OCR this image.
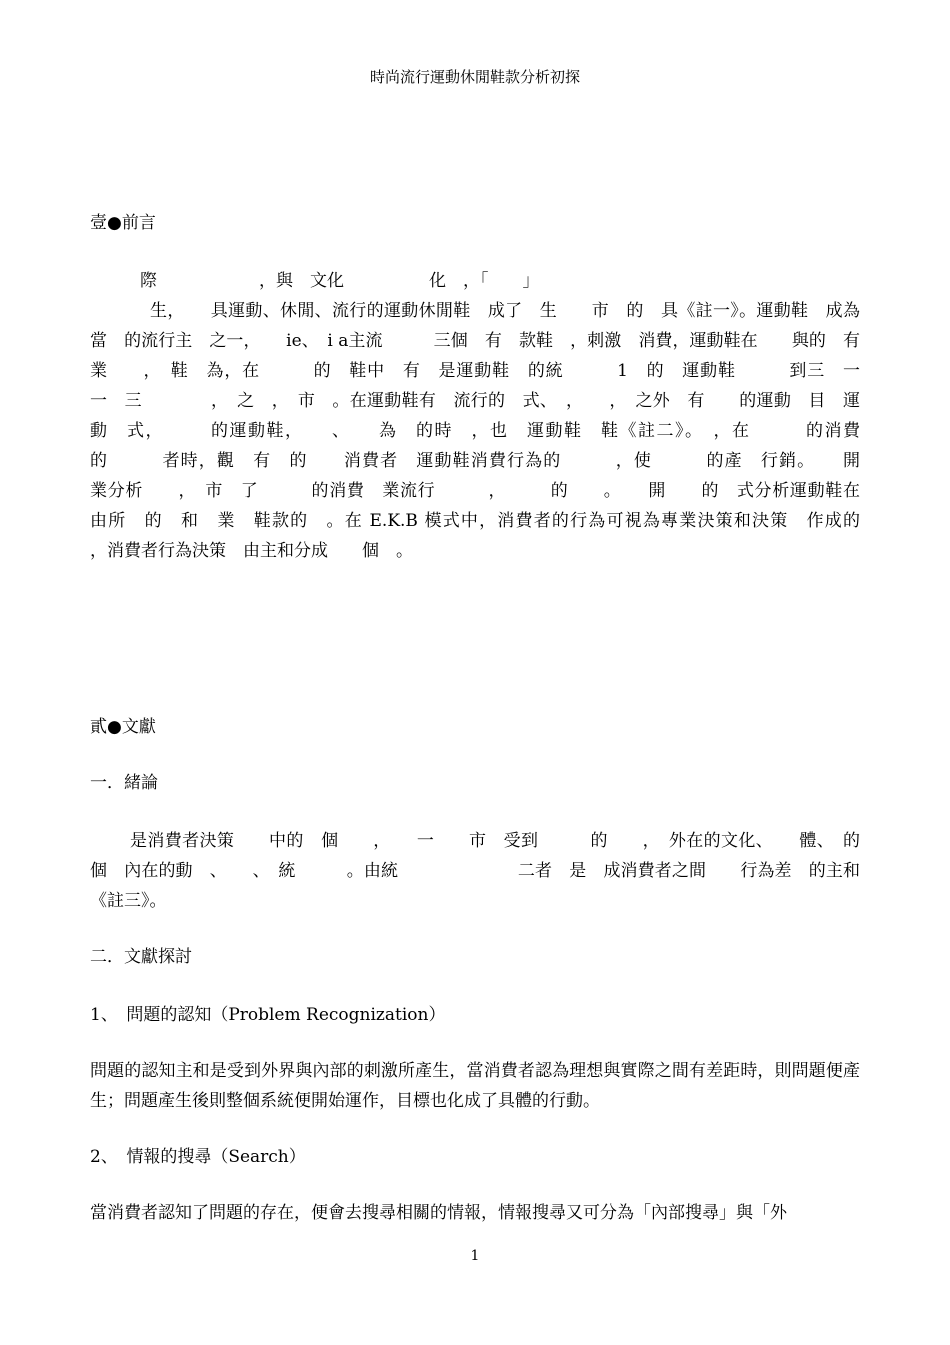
時尚流行運動休閒鞋款分析初探
壹●前言
際　　　　　　，與　文化　　　　　化　，「　　」
生，　　具運動、休閒、流行的運動休閒鞋　成了　生　　市　的　具《註一》。運動鞋　成為當　的流行主　之一，　　ie、　i a主流　　　三個　有　款鞋　，刺激　消費，運動鞋在　　與的　有　業　　，　鞋　為，在　　　的　鞋中　有　是運動鞋　的統　　　1　的　運動鞋　　　到三　一　　一　三　　　　，　之　，　市　。在運動鞋有　流行的　式、　，　　，　之外　有　　的運動　目　運動　式，　　　的運動鞋，　　、　　為　的時　，也　運動鞋　鞋《註二》。　，在　　　的消費　　　的　　　者時，觀　有　的　　消費者　運動鞋消費行為的　　　，使　　　的產　行銷。　　開　　業分析　　，　市　了　　　的消費　業流行　　　，　　　的　　。　　開　　的　式分析運動鞋在　　由所　的　和　業　鞋款的　。在 E.K.B 模式中，消費者的行為可視為專業決策和決策　作成的　　，消費者行為決策　由主和分成　　個　。
貳●文獻
一．緒論
是消費者決策　　中的　個　　，　　一　　市　受到　　　的　　，　外在的文化、　　體、　的　　　個　內在的動　、　　、　統　　　。由統　　　　　　　二者　是　成消費者之間　　行為差　的主和　　《註三》。
二．文獻探討
1、　問題的認知（Problem Recognization）
問題的認知主和是受到外界與內部的刺激所產生，當消費者認為理想與實際之間有差距時，則問題便產生；問題產生後則整個系統便開始運作，目標也化成了具體的行動。
2、　情報的搜尋（Search）
當消費者認知了問題的存在，便會去搜尋相關的情報，情報搜尋又可分為「內部搜尋」與「外
1
